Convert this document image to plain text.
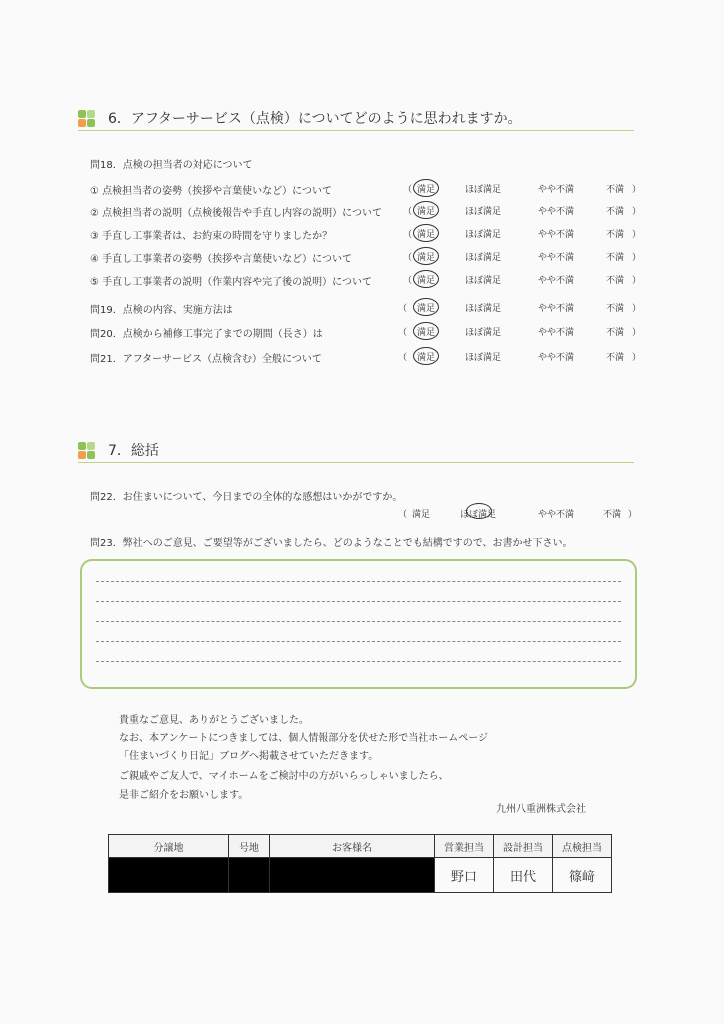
6．アフターサービス（点検）についてどのように思われますか。
問18．点検の担当者の対応について
① 点検担当者の姿勢（挨拶や言葉使いなど）について	（ 満足	ほぼ満足	やや不満	不満 ）
② 点検担当者の説明（点検後報告や手直し内容の説明）について （ 満足	ほぼ満足	やや不満	不満 ）
③ 手直し工事業者は、お約束の時間を守りましたか？	（ 満足	ほぼ満足	やや不満	不満 ）
④ 手直し工事業者の姿勢（挨拶や言葉使いなど）について	（ 満足	ほぼ満足	やや不満	不満 ）
⑤ 手直し工事業者の説明（作業内容や完了後の説明）について	（ 満足	ほぼ満足	やや不満	不満 ）
問19．点検の内容、実施方法は	（ 満足	ほぼ満足	やや不満	不満 ）
問20．点検から補修工事完了までの期間（長さ）は	（ 満足	ほぼ満足	やや不満	不満 ）
問21．アフターサービス（点検含む）全般について	（ 満足	ほぼ満足	やや不満	不満 ）
7．総括
問22．お住まいについて、今日までの全体的な感想はいかがですか。
（ 満足	ほぼ満足	やや不満	不満 ）
問23．弊社へのご意見、ご要望等がございましたら、どのようなことでも結構ですので、お書かせ下さい。
貴重なご意見、ありがとうございました。
なお、本アンケートにつきましては、個人情報部分を伏せた形で当社ホームページ
「住まいづくり日記」ブログへ掲載させていただきます。
ご親戚やご友人で、マイホームをご検討中の方がいらっしゃいましたら、
是非ご紹介をお願いします。
九州八重洲株式会社
分譲地	号地	お客様名	営業担当	設計担当	点検担当
			野口	田代	篠﨑
